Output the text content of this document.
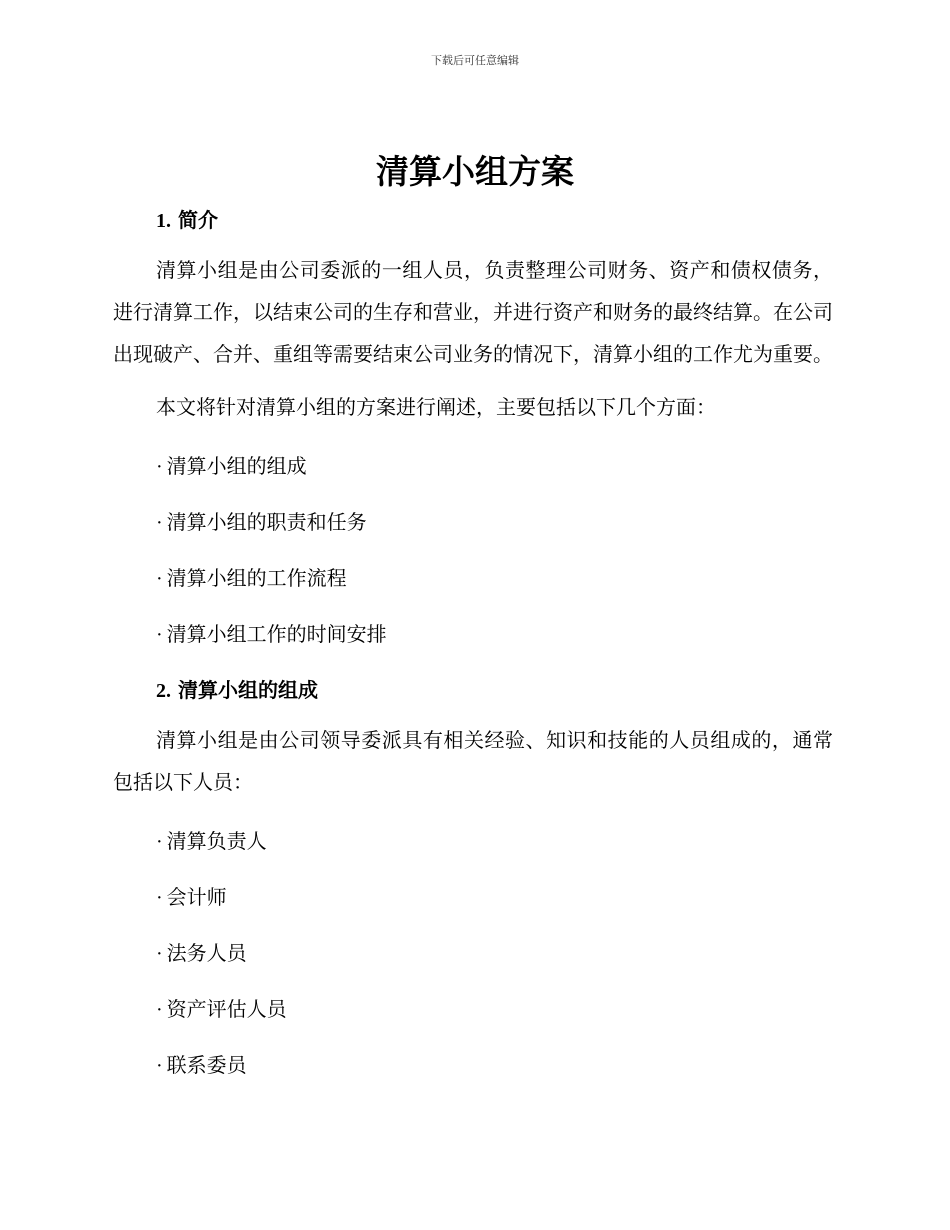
下载后可任意编辑
清算小组方案
1. 简介

清算小组是由公司委派的一组人员，负责整理公司财务、资产和债权债务，进行清算工作，以结束公司的生存和营业，并进行资产和财务的最终结算。在公司出现破产、合并、重组等需要结束公司业务的情况下，清算小组的工作尤为重要。

本文将针对清算小组的方案进行阐述，主要包括以下几个方面：

· 清算小组的组成
· 清算小组的职责和任务
· 清算小组的工作流程
· 清算小组工作的时间安排
2. 清算小组的组成

清算小组是由公司领导委派具有相关经验、知识和技能的人员组成的，通常包括以下人员：

· 清算负责人
· 会计师
· 法务人员
· 资产评估人员
· 联系委员
